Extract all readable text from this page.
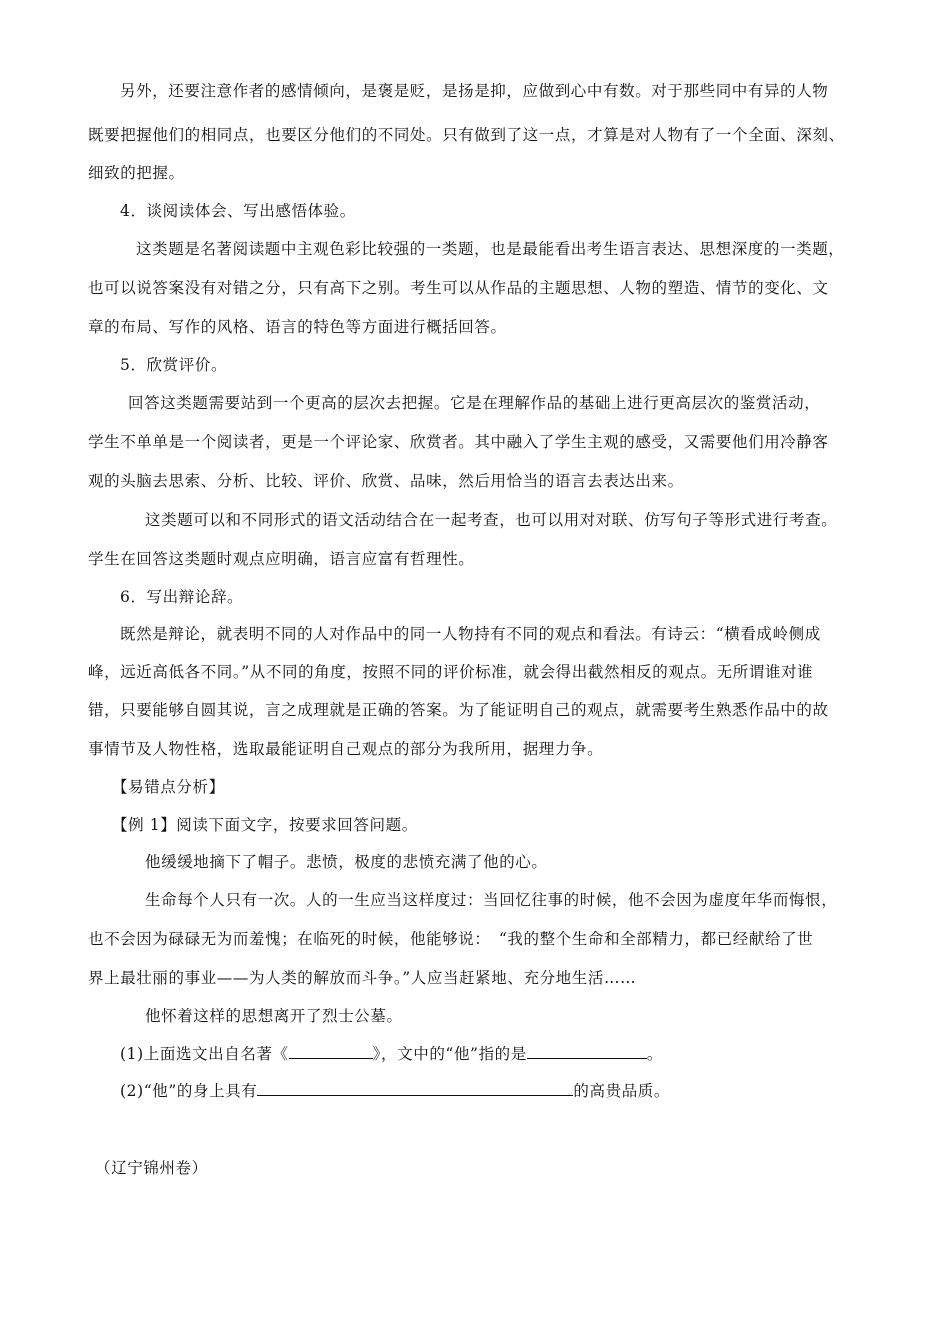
另外，还要注意作者的感情倾向，是褒是贬，是扬是抑，应做到心中有数。对于那些同中有异的人物
既要把握他们的相同点，也要区分他们的不同处。只有做到了这一点，才算是对人物有了一个全面、深刻、
细致的把握。
4．谈阅读体会、写出感悟体验。
这类题是名著阅读题中主观色彩比较强的一类题，也是最能看出考生语言表达、思想深度的一类题，
也可以说答案没有对错之分，只有高下之别。考生可以从作品的主题思想、人物的塑造、情节的变化、文
章的布局、写作的风格、语言的特色等方面进行概括回答。
5．欣赏评价。
回答这类题需要站到一个更高的层次去把握。它是在理解作品的基础上进行更高层次的鉴赏活动，
学生不单单是一个阅读者，更是一个评论家、欣赏者。其中融入了学生主观的感受，又需要他们用冷静客
观的头脑去思索、分析、比较、评价、欣赏、品味，然后用恰当的语言去表达出来。
这类题可以和不同形式的语文活动结合在一起考查，也可以用对对联、仿写句子等形式进行考查。
学生在回答这类题时观点应明确，语言应富有哲理性。
6．写出辩论辞。
既然是辩论，就表明不同的人对作品中的同一人物持有不同的观点和看法。有诗云：“横看成岭侧成
峰，远近高低各不同。”从不同的角度，按照不同的评价标准，就会得出截然相反的观点。无所谓谁对谁
错，只要能够自圆其说，言之成理就是正确的答案。为了能证明自己的观点，就需要考生熟悉作品中的故
事情节及人物性格，选取最能证明自己观点的部分为我所用，据理力争。
【易错点分析】
【例 1】阅读下面文字，按要求回答问题。
他缓缓地摘下了帽子。悲愤，极度的悲愤充满了他的心。
生命每个人只有一次。人的一生应当这样度过：当回忆往事的时候，他不会因为虚度年华而悔恨，
也不会因为碌碌无为而羞愧；在临死的时候，他能够说：　“我的整个生命和全部精力，都已经献给了世
界上最壮丽的事业——为人类的解放而斗争。”人应当赶紧地、充分地生活……
他怀着这样的思想离开了烈士公墓。
(1)上面选文出自名著《	》，文中的“他”指的是	。
(2)“他”的身上具有	的高贵品质。
（辽宁锦州卷）
